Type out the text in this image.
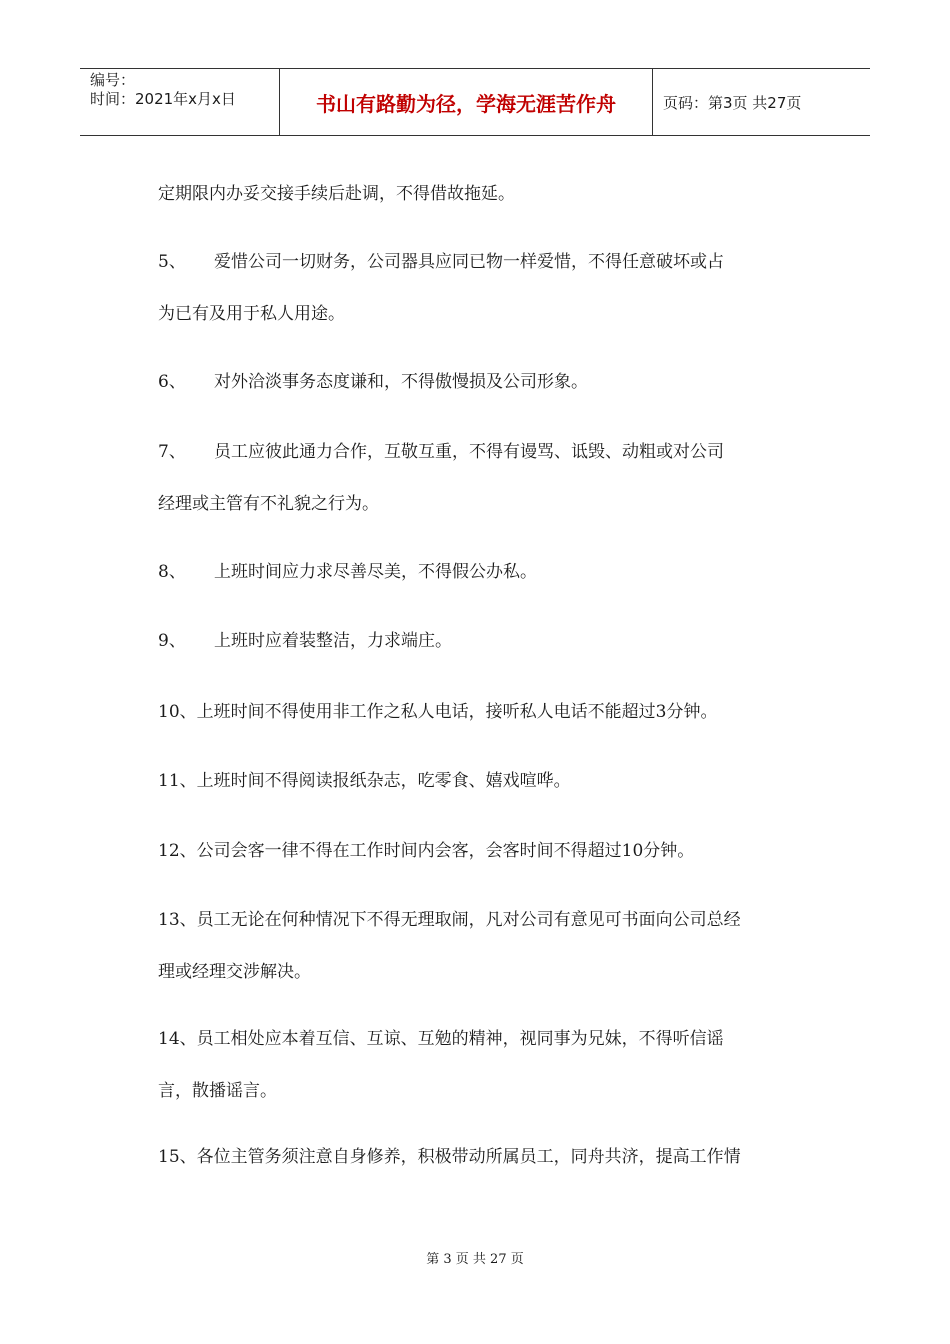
编号：
时间：2021年x月x日	书山有路勤为径，学海无涯苦作舟	页码：第3页 共27页
定期限内办妥交接手续后赴调，不得借故拖延。
5、 爱惜公司一切财务，公司器具应同已物一样爱惜，不得任意破坏或占
为已有及用于私人用途。
6、 对外洽淡事务态度谦和，不得傲慢损及公司形象。
7、 员工应彼此通力合作，互敬互重，不得有谩骂、诋毁、动粗或对公司
经理或主管有不礼貌之行为。
8、 上班时间应力求尽善尽美，不得假公办私。
9、 上班时应着装整洁，力求端庄。
10、上班时间不得使用非工作之私人电话，接听私人电话不能超过3分钟。
11、上班时间不得阅读报纸杂志，吃零食、嬉戏喧哗。
12、公司会客一律不得在工作时间内会客，会客时间不得超过10分钟。
13、员工无论在何种情况下不得无理取闹，凡对公司有意见可书面向公司总经
理或经理交涉解决。
14、员工相处应本着互信、互谅、互勉的精神，视同事为兄妹，不得听信谣
言，散播谣言。
15、各位主管务须注意自身修养，积极带动所属员工，同舟共济，提高工作情
第 3 页 共 27 页
